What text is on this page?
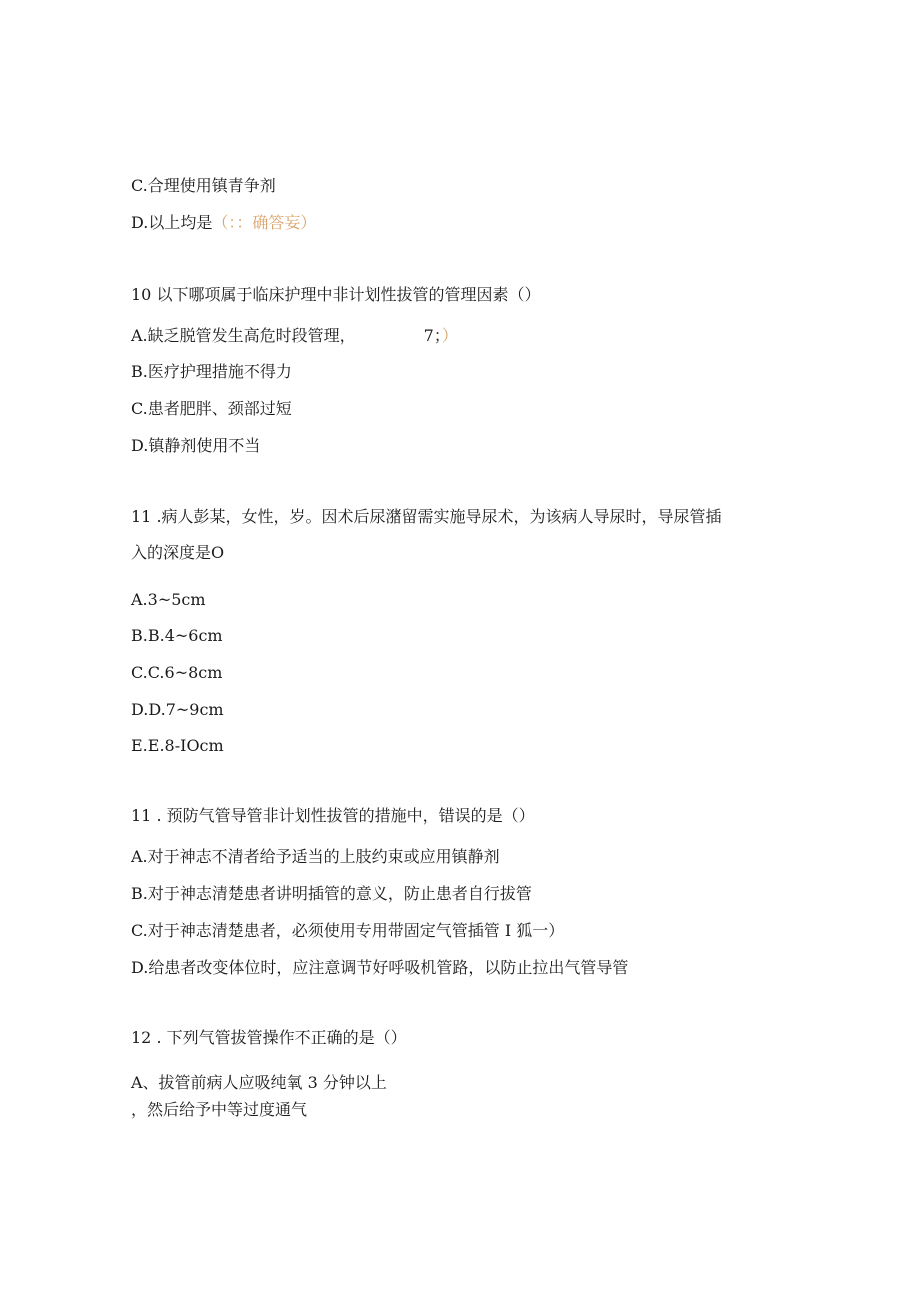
C.合理使用镇青争剂
D.以上均是（：：确答妄）
10 以下哪项属于临床护理中非计划性拔管的管理因素（）
A.缺乏脱管发生高危时段管理，	7；）
B.医疗护理措施不得力
C.患者肥胖、颈部过短
D.镇静剂使用不当
11 .病人彭某，女性，岁。因术后尿潴留需实施导尿术，为该病人导尿时，导尿管插
入的深度是O
A.3~5cm
B.B.4~6cm
C.C.6~8cm
D.D.7~9cm
E.E.8-IOcm
11 . 预防气管导管非计划性拔管的措施中，错误的是（）
A.对于神志不清者给予适当的上肢约束或应用镇静剂
B.对于神志清楚患者讲明插管的意义，防止患者自行拔管
C.对于神志清楚患者，必须使用专用带固定气管插管 I 狐一）
D.给患者改变体位时，应注意调节好呼吸机管路，以防止拉出气管导管
12 . 下列气管拔管操作不正确的是（）
A、拔管前病人应吸纯氧 3 分钟以上
，然后给予中等过度通气
